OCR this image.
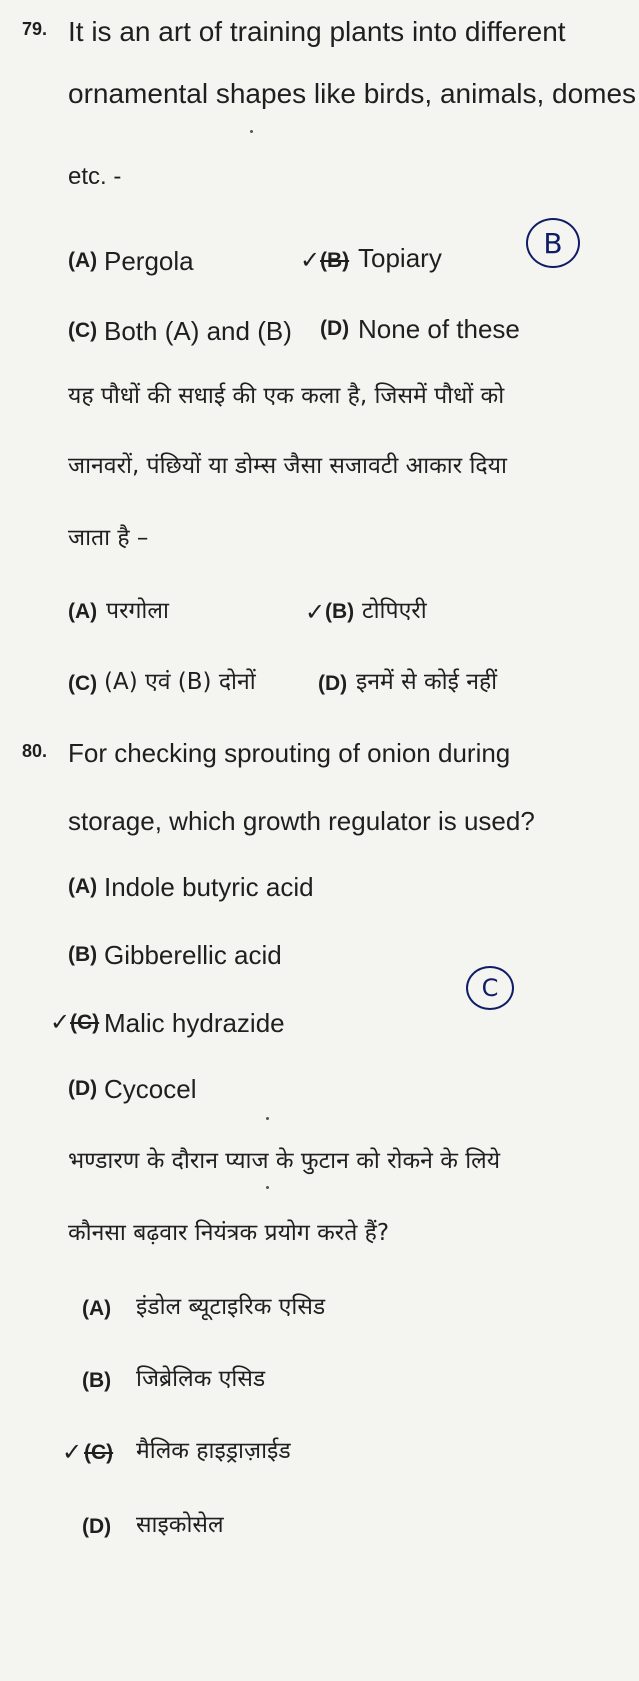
79. It is an art of training plants into different
ornamental shapes like birds, animals, domes
etc. -
(A) Pergola	✓ (B) Topiary	B
(C) Both (A) and (B) (D) None of these
यह पौधों की सधाई की एक कला है, जिसमें पौधों को
जानवरों, पंछियों या डोम्स जैसा सजावटी आकार दिया
जाता है –
(A) परगोला	✓ (B) टोपिएरी
(C) (A) एवं (B) दोनों	(D) इनमें से कोई नहीं
80. For checking sprouting of onion during
storage, which growth regulator is used?
(A) Indole butyric acid
(B) Gibberellic acid
C
✓ (C) Malic hydrazide
(D) Cycocel
भण्डारण के दौरान प्याज के फुटान को रोकने के लिये
कौनसा बढ़वार नियंत्रक प्रयोग करते हैं?
(A) इंडोल ब्यूटाइरिक एसिड
(B) जिब्रेलिक एसिड
✓ (C) मैलिक हाइड्राज़ाईड
(D) साइकोसेल
